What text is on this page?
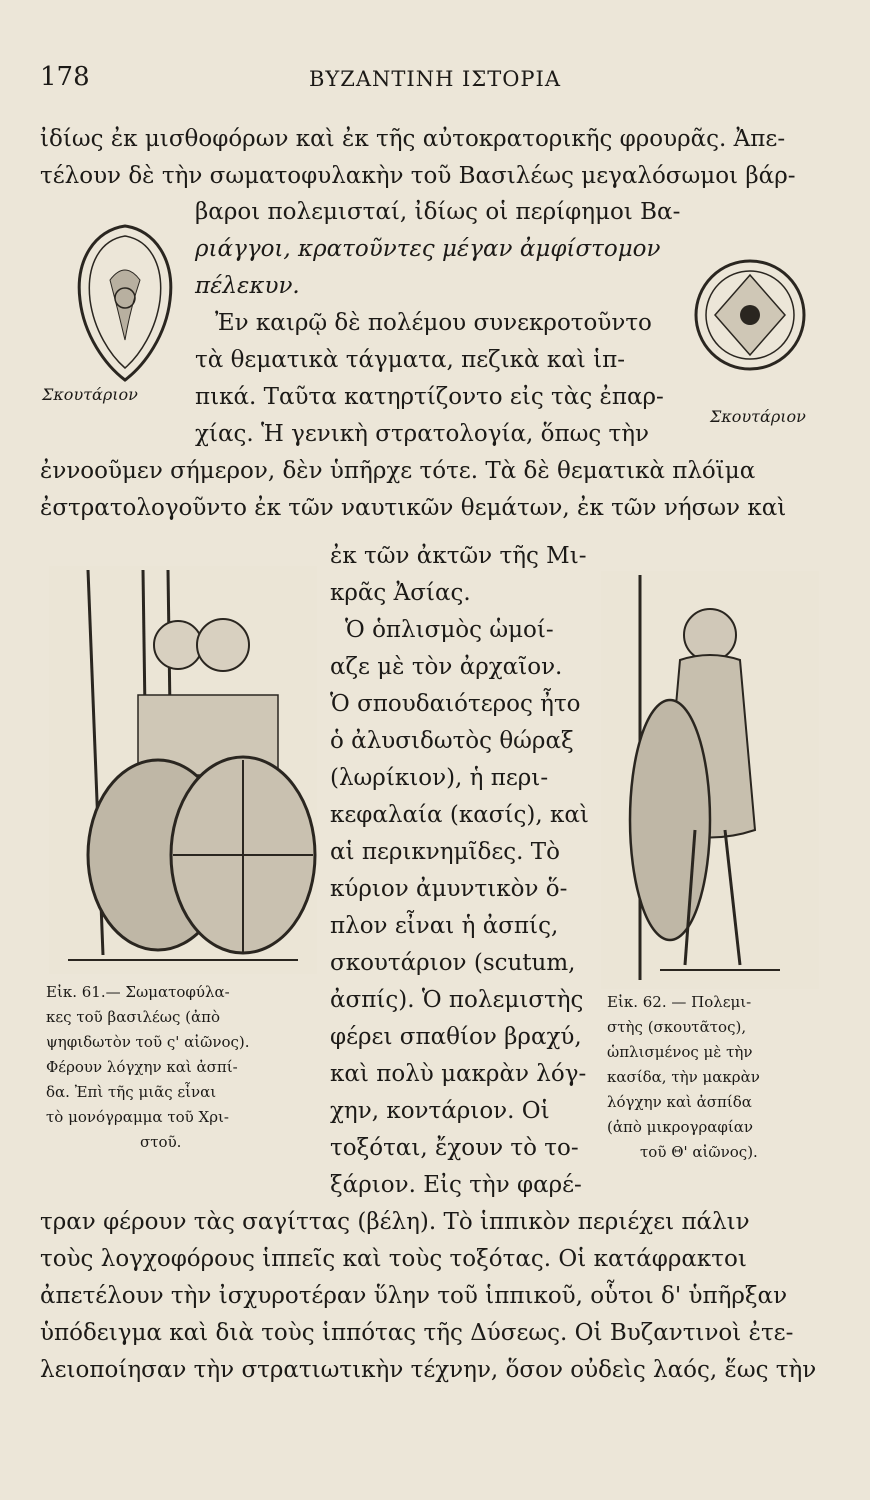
178	ΒΥΖΑΝΤΙΝΗ ΙΣΤΟΡΙΑ
ἰδίως ἐκ μισθοφόρων καὶ ἐκ τῆς αὐτοκρατορικῆς φρουρᾶς. Ἀπε-
τέλουν δὲ τὴν σωματοφυλακὴν τοῦ Βασιλέως μεγαλόσωμοι βάρ-
βαροι πολεμισταί, ἰδίως οἱ περίφημοι Βα-
ριάγγοι, κρατοῦντες μέγαν ἀμφίστομον
πέλεκυν.
Ἐν καιρῷ δὲ πολέμου συνεκροτοῦντο
τὰ θεματικὰ τάγματα, πεζικὰ καὶ ἱπ-
πικά. Ταῦτα κατηρτίζοντο εἰς τὰς ἐπαρ-
χίας. Ἡ γενικὴ στρατολογία, ὅπως τὴν
ἐννοοῦμεν σήμερον, δὲν ὑπῆρχε τότε. Τὰ δὲ θεματικὰ πλόϊμα
ἐστρατολογοῦντο ἐκ τῶν ναυτικῶν θεμάτων, ἐκ τῶν νήσων καὶ
Σκουτάριον
Σκουτάριον
Εἰκ. 61.— Σωματοφύλα-
κες τοῦ βασιλέως (ἀπὸ
ψηφιδωτὸν τοῦ ς' αἰῶνος).
Φέρουν λόγχην καὶ ἀσπί-
δα. Ἐπὶ τῆς μιᾶς εἶναι
τὸ μονόγραμμα τοῦ Χρι-
στοῦ.
ἐκ τῶν ἀκτῶν τῆς Μι-
κρᾶς Ἀσίας.
Ὁ ὁπλισμὸς ὡμοί-
αζε μὲ τὸν ἀρχαῖον.
Ὁ σπουδαιότερος ἦτο
ὁ ἀλυσιδωτὸς θώραξ
(λωρίκιον), ἡ περι-
κεφαλαία (κασίς), καὶ
αἱ περικνημῖδες. Τὸ
κύριον ἀμυντικὸν ὅ-
πλον εἶναι ἡ ἀσπίς,
σκουτάριον (scutum,
ἀσπίς). Ὁ πολεμιστὴς
φέρει σπαθίον βραχύ,
καὶ πολὺ μακρὰν λόγ-
χην, κοντάριον. Οἱ
τοξόται, ἔχουν τὸ το-
ξάριον. Εἰς τὴν φαρέ-
Εἰκ. 62. — Πολεμι-
στὴς (σκουτᾶτος),
ὡπλισμένος μὲ τὴν
κασίδα, τὴν μακρὰν
λόγχην καὶ ἀσπίδα
(ἀπὸ μικρογραφίαν
τοῦ Θ' αἰῶνος).
τραν φέρουν τὰς σαγίττας (βέλη). Τὸ ἱππικὸν περιέχει πάλιν
τοὺς λογχοφόρους ἱππεῖς καὶ τοὺς τοξότας. Οἱ κατάφρακτοι
ἀπετέλουν τὴν ἰσχυροτέραν ὕλην τοῦ ἱππικοῦ, οὗτοι δ' ὑπῆρξαν
ὑπόδειγμα καὶ διὰ τοὺς ἱππότας τῆς Δύσεως. Οἱ Βυζαντινοὶ ἐτε-
λειοποίησαν τὴν στρατιωτικὴν τέχνην, ὅσον οὐδεὶς λαός, ἕως τὴν
